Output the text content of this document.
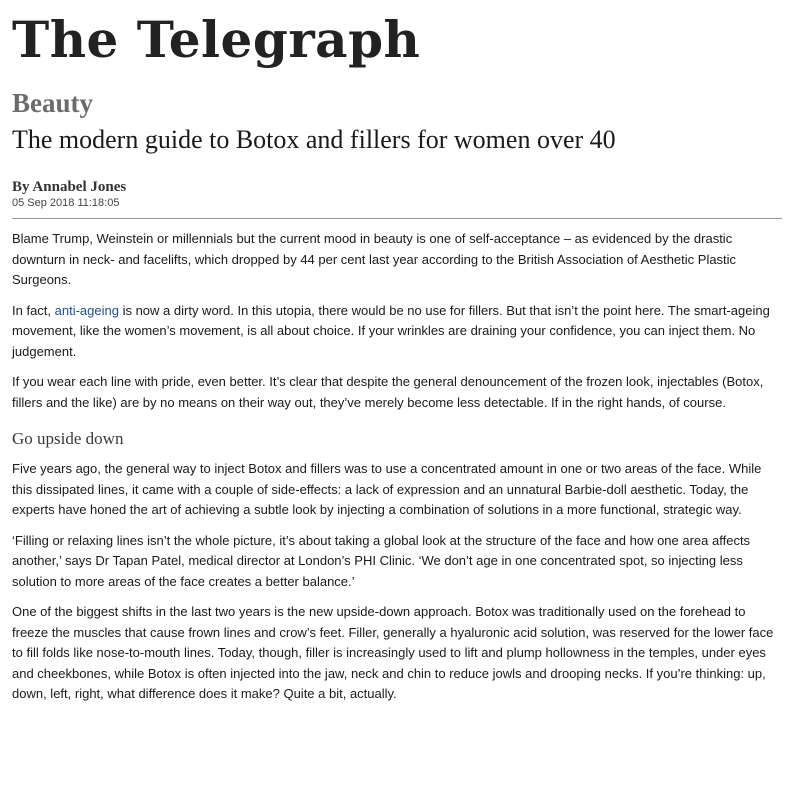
The Telegraph
Beauty
The modern guide to Botox and fillers for women over 40
By Annabel Jones
05 Sep 2018 11:18:05

Blame Trump, Weinstein or millennials but the current mood in beauty is one of self-acceptance – as evidenced by the drastic downturn in neck- and facelifts, which dropped by 44 per cent last year according to the British Association of Aesthetic Plastic Surgeons.

In fact, anti-ageing is now a dirty word. In this utopia, there would be no use for fillers. But that isn’t the point here. The smart-ageing movement, like the women’s movement, is all about choice. If your wrinkles are draining your confidence, you can inject them. No judgement.

If you wear each line with pride, even better. It’s clear that despite the general denouncement of the frozen look, injectables (Botox, fillers and the like) are by no means on their way out, they’ve merely become less detectable. If in the right hands, of course.

Go upside down

Five years ago, the general way to inject Botox and fillers was to use a concentrated amount in one or two areas of the face. While this dissipated lines, it came with a couple of side-effects: a lack of expression and an unnatural Barbie-doll aesthetic. Today, the experts have honed the art of achieving a subtle look by injecting a combination of solutions in a more functional, strategic way.

‘Filling or relaxing lines isn’t the whole picture, it’s about taking a global look at the structure of the face and how one area affects another,’ says Dr Tapan Patel, medical director at London’s PHI Clinic. ‘We don’t age in one concentrated spot, so injecting less solution to more areas of the face creates a better balance.’

One of the biggest shifts in the last two years is the new upside-down approach. Botox was traditionally used on the forehead to freeze the muscles that cause frown lines and crow’s feet. Filler, generally a hyaluronic acid solution, was reserved for the lower face to fill folds like nose-to-mouth lines. Today, though, filler is increasingly used to lift and plump hollowness in the temples, under eyes and cheekbones, while Botox is often injected into the jaw, neck and chin to reduce jowls and drooping necks. If you’re thinking: up, down, left, right, what difference does it make? Quite a bit, actually.
